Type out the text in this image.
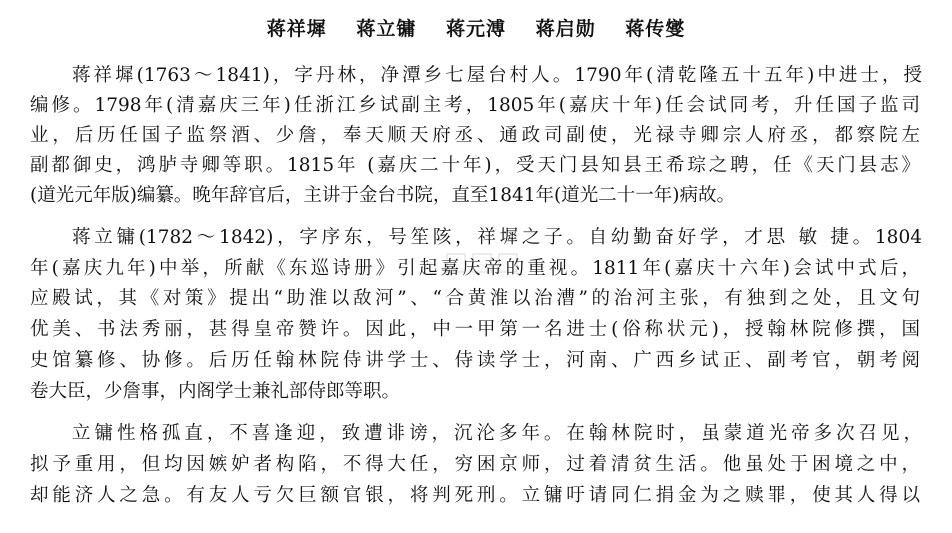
蒋祥墀 蒋立镛 蒋元溥 蒋启勋 蒋传燮
蒋祥墀(1763～1841)，字丹林，净潭乡七屋台村人。1790年(清乾隆五十五年)中进士，授
编修。1798年(清嘉庆三年)任浙江乡试副主考，1805年(嘉庆十年)任会试同考，升任国子监司
业，后历任国子监祭酒、少詹，奉天顺天府丞、通政司副使，光禄寺卿宗人府丞，都察院左
副都御史，鸿胪寺卿等职。1815年 (嘉庆二十年)，受天门县知县王希琮之聘，任《天门县志》
(道光元年版)编纂。晚年辞官后，主讲于金台书院，直至1841年(道光二十一年)病故。
蒋立镛(1782～1842)，字序东，号笙陔，祥墀之子。自幼勤奋好学，才思 敏 捷。1804
年(嘉庆九年)中举，所献《东巡诗册》引起嘉庆帝的重视。1811年(嘉庆十六年)会试中式后，
应殿试，其《对策》提出“助淮以敌河”、“合黄淮以治漕”的治河主张，有独到之处，且文句
优美、书法秀丽，甚得皇帝赞许。因此，中一甲第一名进士(俗称状元)，授翰林院修撰，国
史馆纂修、协修。后历任翰林院侍讲学士、侍读学士，河南、广西乡试正、副考官，朝考阅
卷大臣，少詹事，内阁学士兼礼部侍郎等职。
立镛性格孤直，不喜逢迎，致遭诽谤，沉沦多年。在翰林院时，虽蒙道光帝多次召见，
拟予重用，但均因嫉妒者构陷，不得大任，穷困京师，过着清贫生活。他虽处于困境之中，
却能济人之急。有友人亏欠巨额官银，将判死刑。立镛吁请同仁捐金为之赎罪，使其人得以
